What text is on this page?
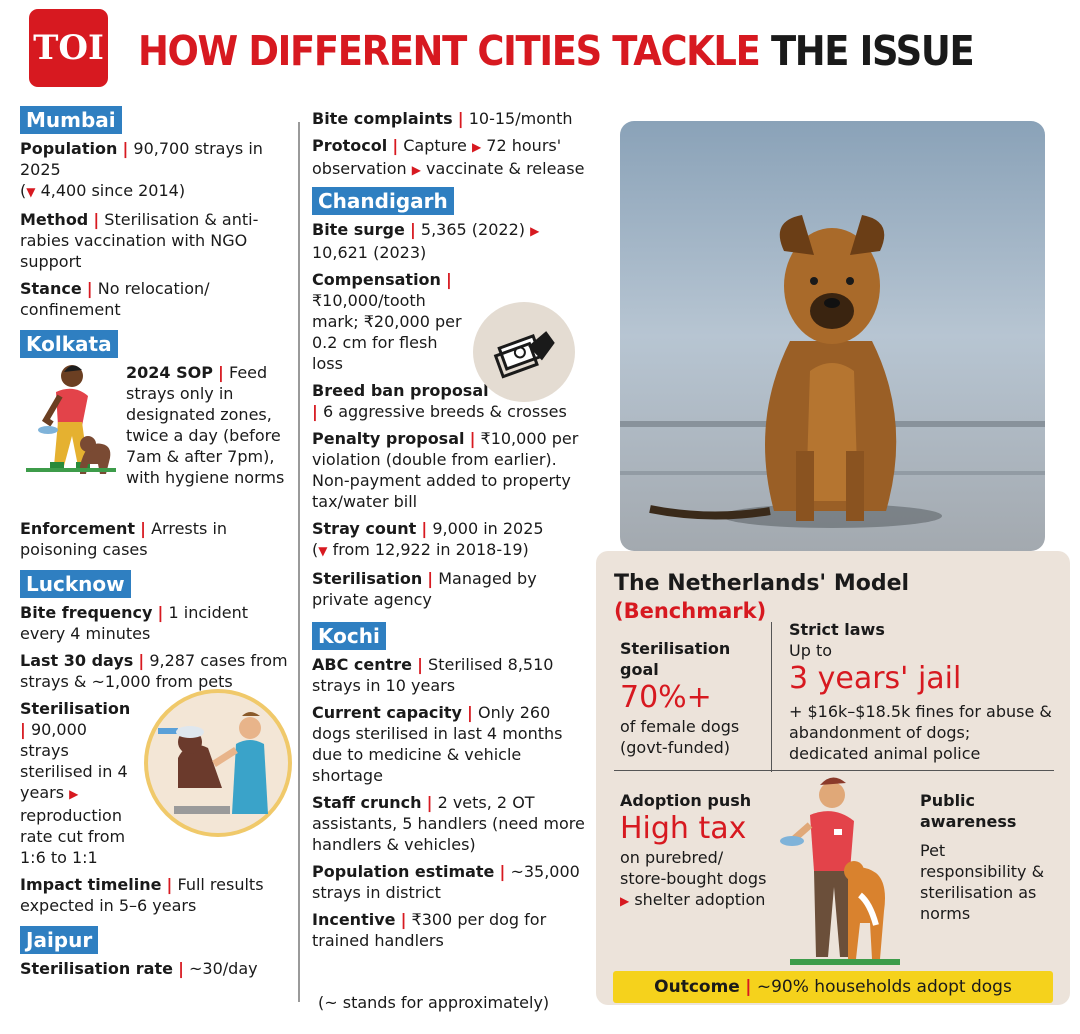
TOI HOW DIFFERENT CITIES TACKLE THE ISSUE
Mumbai
Population | 90,700 strays in 2025
(▼ 4,400 since 2014)
Method | Sterilisation & anti-rabies vaccination with NGO support
Stance | No relocation/ confinement
Kolkata
2024 SOP | Feed strays only in designated zones, twice a day (before 7am & after 7pm), with hygiene norms
Enforcement | Arrests in poisoning cases
Lucknow
Bite frequency | 1 incident every 4 minutes
Last 30 days | 9,287 cases from strays & ~1,000 from pets
Sterilisation | 90,000 strays sterilised in 4 years ▶ reproduction rate cut from 1:6 to 1:1
Impact timeline | Full results expected in 5–6 years
Jaipur
Sterilisation rate | ~30/day
Bite complaints | 10-15/month
Protocol | Capture ▶ 72 hours' observation ▶ vaccinate & release
Chandigarh
Bite surge | 5,365 (2022) ▶ 10,621 (2023)
Compensation | ₹10,000/tooth mark; ₹20,000 per 0.2 cm for flesh loss
Breed ban proposal
| 6 aggressive breeds & crosses
Penalty proposal | ₹10,000 per violation (double from earlier). Non-payment added to property tax/water bill
Stray count | 9,000 in 2025
(▼ from 12,922 in 2018-19)
Sterilisation | Managed by private agency
Kochi
ABC centre | Sterilised 8,510 strays in 10 years
Current capacity | Only 260 dogs sterilised in last 4 months due to medicine & vehicle shortage
Staff crunch | 2 vets, 2 OT assistants, 5 handlers (need more handlers & vehicles)
Population estimate | ~35,000 strays in district
Incentive | ₹300 per dog for trained handlers
(~ stands for approximately)
The Netherlands' Model
(Benchmark)
Sterilisation goal
70%+
of female dogs (govt-funded)
Strict laws
Up to
3 years' jail
+ $16k–$18.5k fines for abuse & abandonment of dogs; dedicated animal police
Adoption push
High tax
on purebred/ store-bought dogs ▶ shelter adoption
Public awareness
Pet responsibility & sterilisation as norms
Outcome | ~90% households adopt dogs
